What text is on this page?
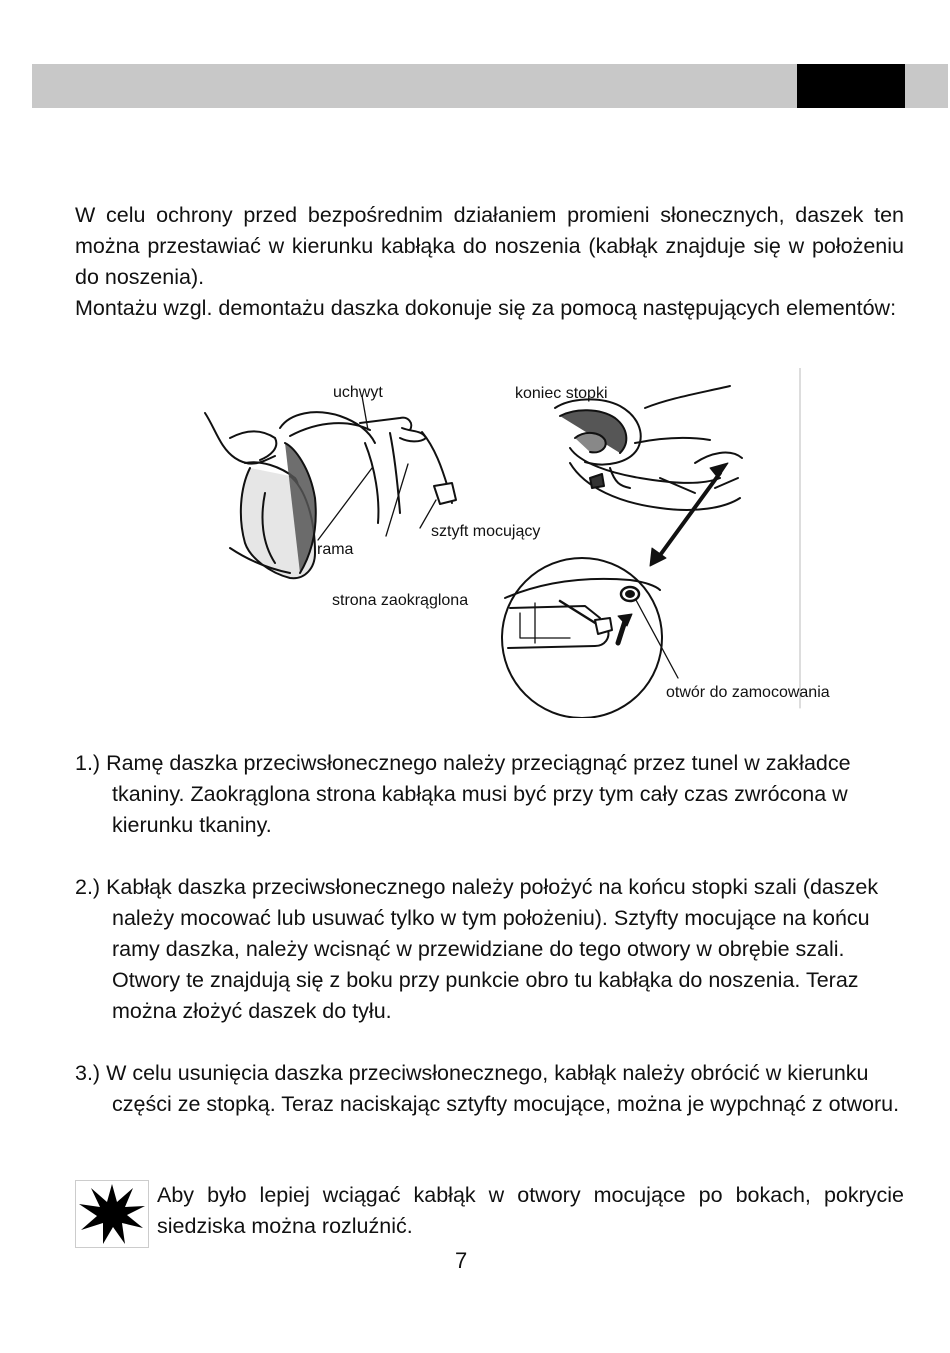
W celu ochrony przed bezpośrednim działaniem promieni słonecznych, daszek ten można przestawiać w kierunku kabłąka do noszenia (kabłąk znajduje się w położeniu do noszenia).

Montażu wzgl. demontażu daszka dokonuje się za pomocą następujących elementów:

uchwyt	koniec stopki
sztyft mocujący
rama
strona zaokrąglona
otwór do zamocowania

1.) Ramę daszka przeciwsłonecznego należy przeciągnąć przez tunel w zakładce tkaniny. Zaokrąglona strona kabłąka musi być przy tym cały czas zwrócona w kierunku tkaniny.

2.) Kabłąk daszka przeciwsłonecznego należy położyć na końcu stopki szali (daszek należy mocować lub usuwać tylko w tym położeniu). Sztyfty mocujące na końcu ramy daszka, należy wcisnąć w przewidziane do tego otwory w obrębie szali. Otwory te znajdują się z boku przy punkcie obro tu kabłąka do noszenia. Teraz można złożyć daszek do tyłu.

3.) W celu usunięcia daszka przeciwsłonecznego, kabłąk należy obrócić w kierunku części ze stopką. Teraz naciskając sztyfty mocujące, można je wypchnąć z otworu.

Aby było lepiej wciągać kabłąk w otwory mocujące po bokach, pokrycie siedziska można rozluźnić.

7
